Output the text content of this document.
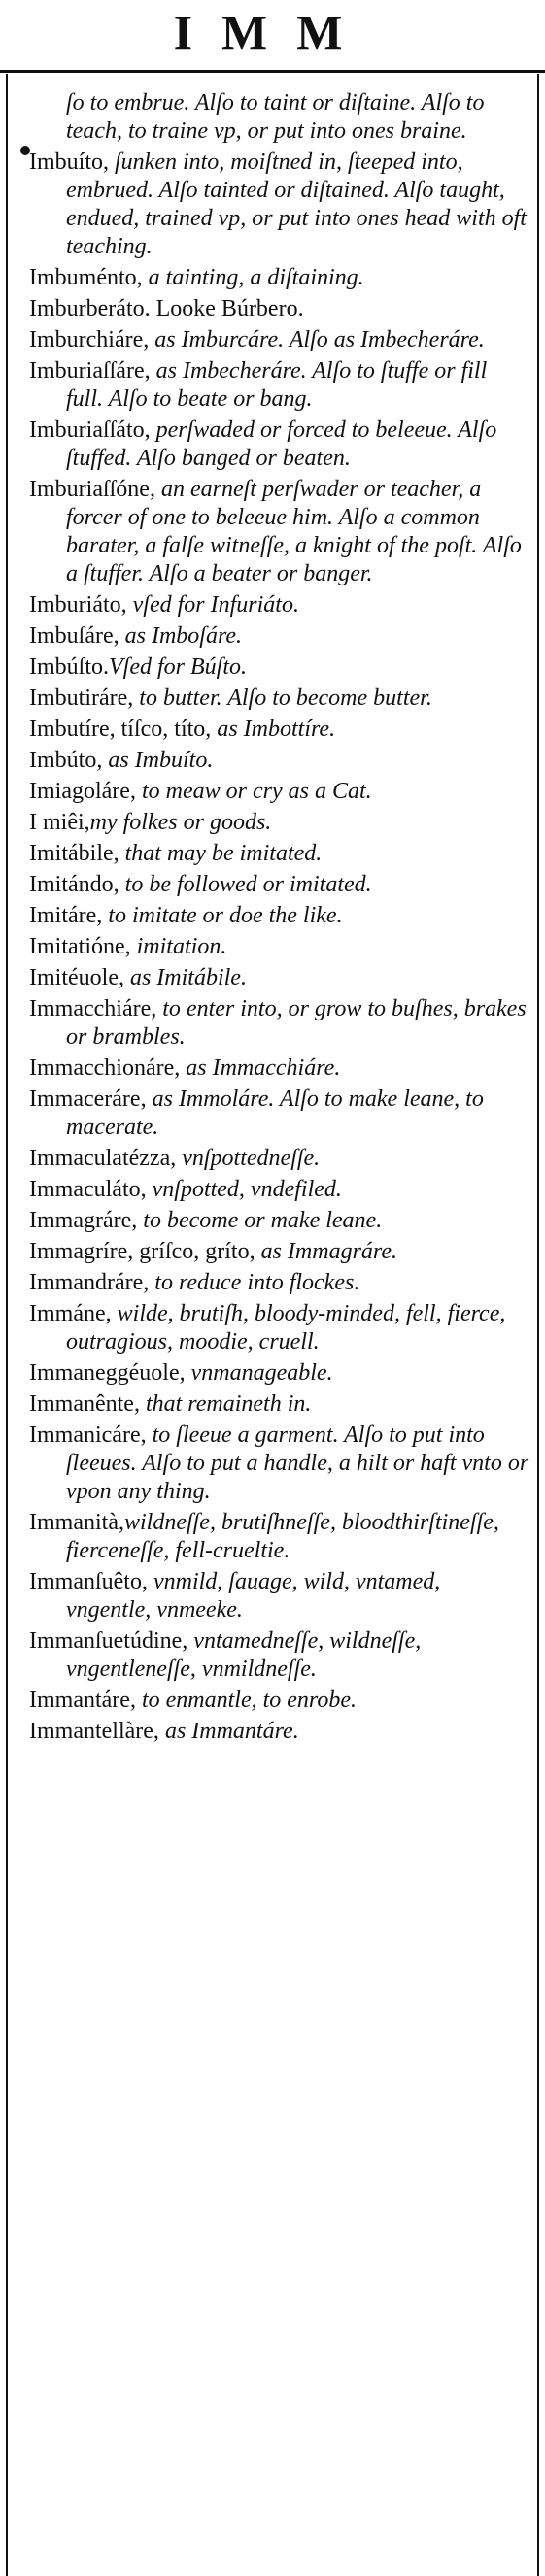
IMM

ſo to embrue. Alſo to taint or diſtaine. Alſo to teach, to traine vp, or put into ones braine.

Imbuíto, ſunken into, moiſtned in, ſteeped into, embrued. Alſo tainted or diſtained. Alſo taught, endued, trained vp, or put into ones head with oft teaching.

Imbuménto, a tainting, a diſtaining.

Imburberáto. Looke Búrbero.

Imburchiáre, as Imburcáre. Alſo as Imbecheráre.

Imburiaſſáre, as Imbecheráre. Alſo to ſtuffe or fill full. Alſo to beate or bang.

Imburiaſſáto, perſwaded or forced to beleeue. Alſo ſtuffed. Alſo banged or beaten.

Imburiaſſóne, an earneſt perſwader or teacher, a forcer of one to beleeue him. Alſo a common barater, a falſe witneſſe, a knight of the poſt. Alſo a ſtuffer. Alſo a beater or banger.

Imburiáto, vſed for Infuriáto.

Imbuſáre, as Imboſáre.

Imbúſto.Vſed for Búſto.

Imbutiráre, to butter. Alſo to become butter.

Imbutíre, tíſco, títo, as Imbottíre.

Imbúto, as Imbuíto.

Imiagoláre, to meaw or cry as a Cat.

I miêi,my folkes or goods.

Imitábile, that may be imitated.

Imitándo, to be followed or imitated.

Imitáre, to imitate or doe the like.

Imitatióne, imitation.

Imitéuole, as Imitábile.

Immacchiáre, to enter into, or grow to buſhes, brakes or brambles.

Immacchionáre, as Immacchiáre.

Immaceráre, as Immoláre. Alſo to make leane, to macerate.

Immaculatézza, vnſpottedneſſe.

Immaculáto, vnſpotted, vndefiled.

Immagráre, to become or make leane.

Immagríre, gríſco, gríto, as Immagráre.

Immandráre, to reduce into flockes.

Immáne, wilde, brutiſh, bloody-minded, fell, fierce, outragious, moodie, cruell.

Immaneggéuole, vnmanageable.

Immanênte, that remaineth in.

Immanicáre, to ſleeue a garment. Alſo to put into ſleeues. Alſo to put a handle, a hilt or haft vnto or vpon any thing.

Immanità,wildneſſe, brutiſhneſſe, bloodthirſtineſſe, fierceneſſe, fell-crueltie.

Immanſuêto, vnmild, ſauage, wild, vntamed, vngentle, vnmeeke.

Immanſuetúdine, vntamedneſſe, wildneſſe, vngentleneſſe, vnmildneſſe.

Immantáre, to enmantle, to enrobe.

Immantellàre, as Immantáre.
